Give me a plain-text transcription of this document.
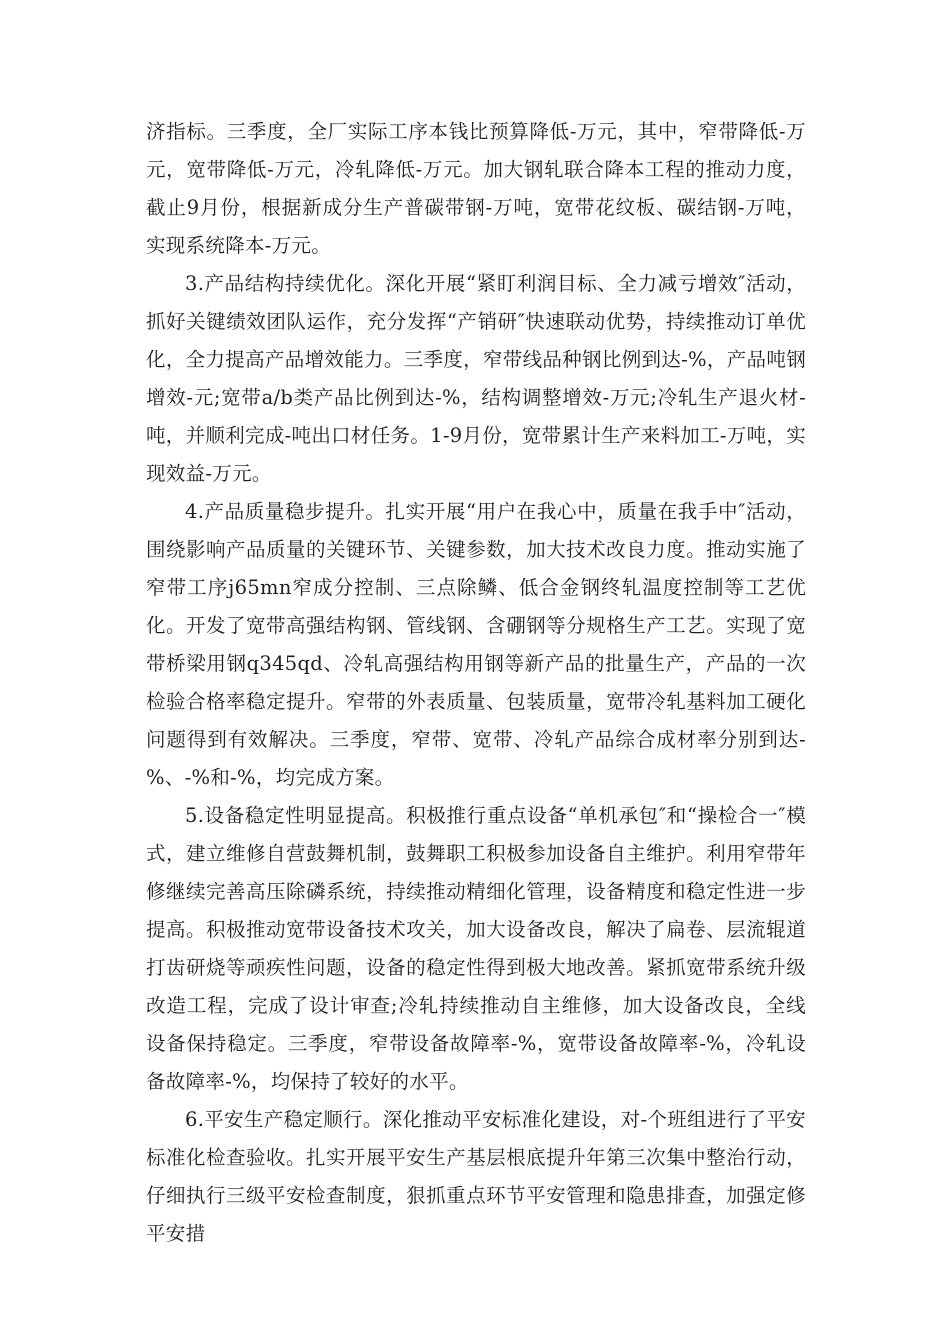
济指标。三季度，全厂实际工序本钱比预算降低-万元，其中，窄带降低-万元，宽带降低-万元，冷轧降低-万元。加大钢轧联合降本工程的推动力度，截止9月份，根据新成分生产普碳带钢-万吨，宽带花纹板、碳结钢-万吨，实现系统降本-万元。

3.产品结构持续优化。深化开展“紧盯利润目标、全力减亏增效″活动，抓好关键绩效团队运作，充分发挥“产销研″快速联动优势，持续推动订单优化，全力提高产品增效能力。三季度，窄带线品种钢比例到达-%，产品吨钢增效-元;宽带a/b类产品比例到达-%，结构调整增效-万元;冷轧生产退火材-吨，并顺利完成-吨出口材任务。1-9月份，宽带累计生产来料加工-万吨，实现效益-万元。

4.产品质量稳步提升。扎实开展“用户在我心中，质量在我手中″活动，围绕影响产品质量的关键环节、关键参数，加大技术改良力度。推动实施了窄带工序j65mn窄成分控制、三点除鳞、低合金钢终轧温度控制等工艺优化。开发了宽带高强结构钢、管线钢、含硼钢等分规格生产工艺。实现了宽带桥梁用钢q345qd、冷轧高强结构用钢等新产品的批量生产，产品的一次检验合格率稳定提升。窄带的外表质量、包装质量，宽带冷轧基料加工硬化问题得到有效解决。三季度，窄带、宽带、冷轧产品综合成材率分别到达-%、-%和-%，均完成方案。

5.设备稳定性明显提高。积极推行重点设备“单机承包″和“操检合一″模式，建立维修自营鼓舞机制，鼓舞职工积极参加设备自主维护。利用窄带年修继续完善高压除磷系统，持续推动精细化管理，设备精度和稳定性进一步提高。积极推动宽带设备技术攻关，加大设备改良，解决了扁卷、层流辊道打齿研烧等顽疾性问题，设备的稳定性得到极大地改善。紧抓宽带系统升级改造工程，完成了设计审查;冷轧持续推动自主维修，加大设备改良，全线设备保持稳定。三季度，窄带设备故障率-%，宽带设备故障率-%，冷轧设备故障率-%，均保持了较好的水平。

6.平安生产稳定顺行。深化推动平安标准化建设，对-个班组进行了平安标准化检查验收。扎实开展平安生产基层根底提升年第三次集中整治行动，仔细执行三级平安检查制度，狠抓重点环节平安管理和隐患排查，加强定修平安措
